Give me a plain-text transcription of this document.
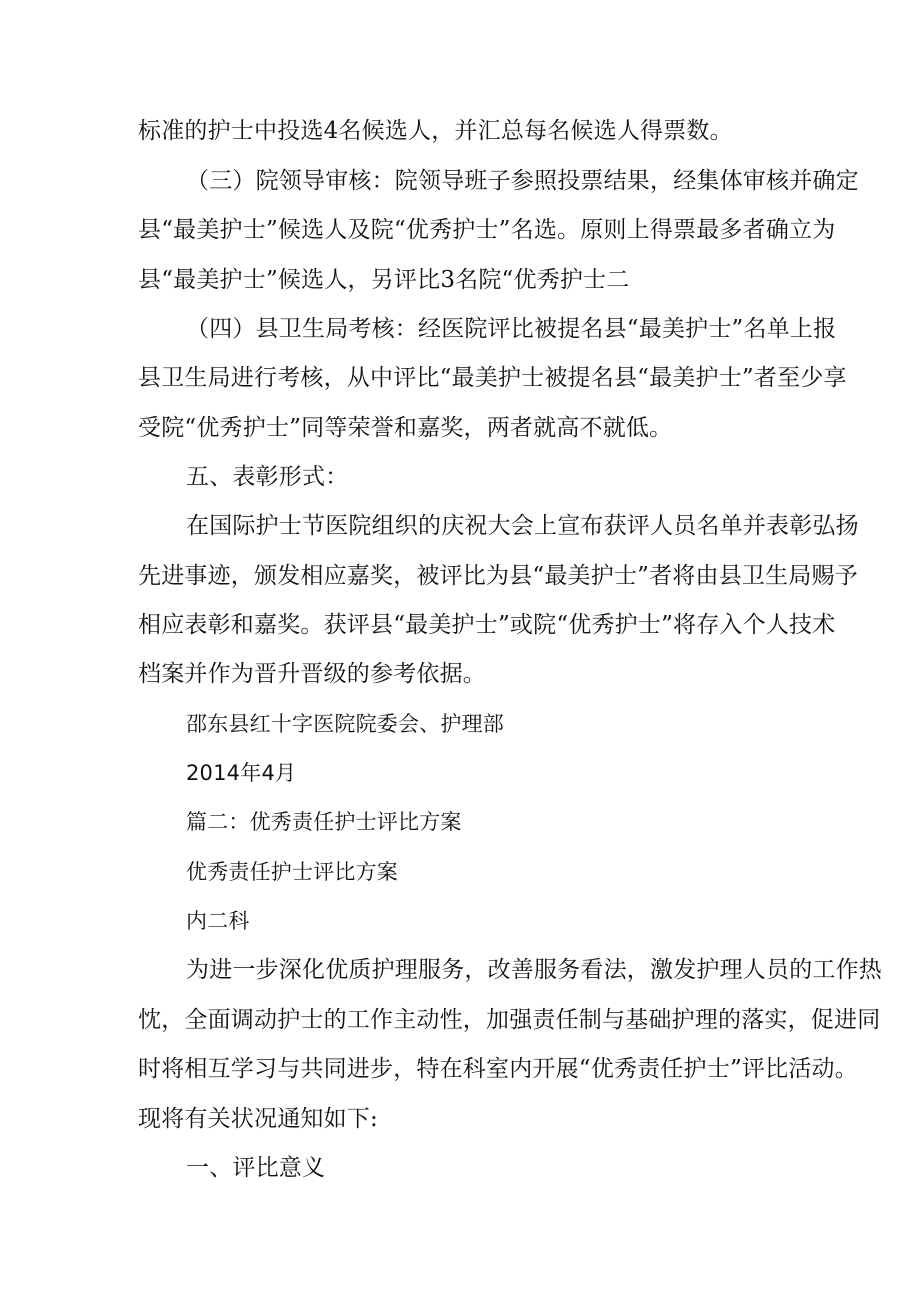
标准的护士中投选4名候选人，并汇总每名候选人得票数。

（三）院领导审核：院领导班子参照投票结果，经集体审核并确定

县“最美护士”候选人及院“优秀护士”名选。原则上得票最多者确立为

县“最美护士”候选人，另评比3名院“优秀护士二

（四）县卫生局考核：经医院评比被提名县“最美护士”名单上报

县卫生局进行考核，从中评比“最美护士被提名县“最美护士”者至少享

受院“优秀护士”同等荣誉和嘉奖，两者就高不就低。

五、表彰形式：

在国际护士节医院组织的庆祝大会上宣布获评人员名单并表彰弘扬

先进事迹，颁发相应嘉奖，被评比为县“最美护士”者将由县卫生局赐予

相应表彰和嘉奖。获评县“最美护士”或院“优秀护士”将存入个人技术

档案并作为晋升晋级的参考依据。

邵东县红十字医院院委会、护理部

2014年4月

篇二：优秀责任护士评比方案

优秀责任护士评比方案

内二科

为进一步深化优质护理服务，改善服务看法，激发护理人员的工作热

忱，全面调动护士的工作主动性，加强责任制与基础护理的落实，促进同

时将相互学习与共同进步，特在科室内开展“优秀责任护士”评比活动。

现将有关状况通知如下:

一、评比意义
